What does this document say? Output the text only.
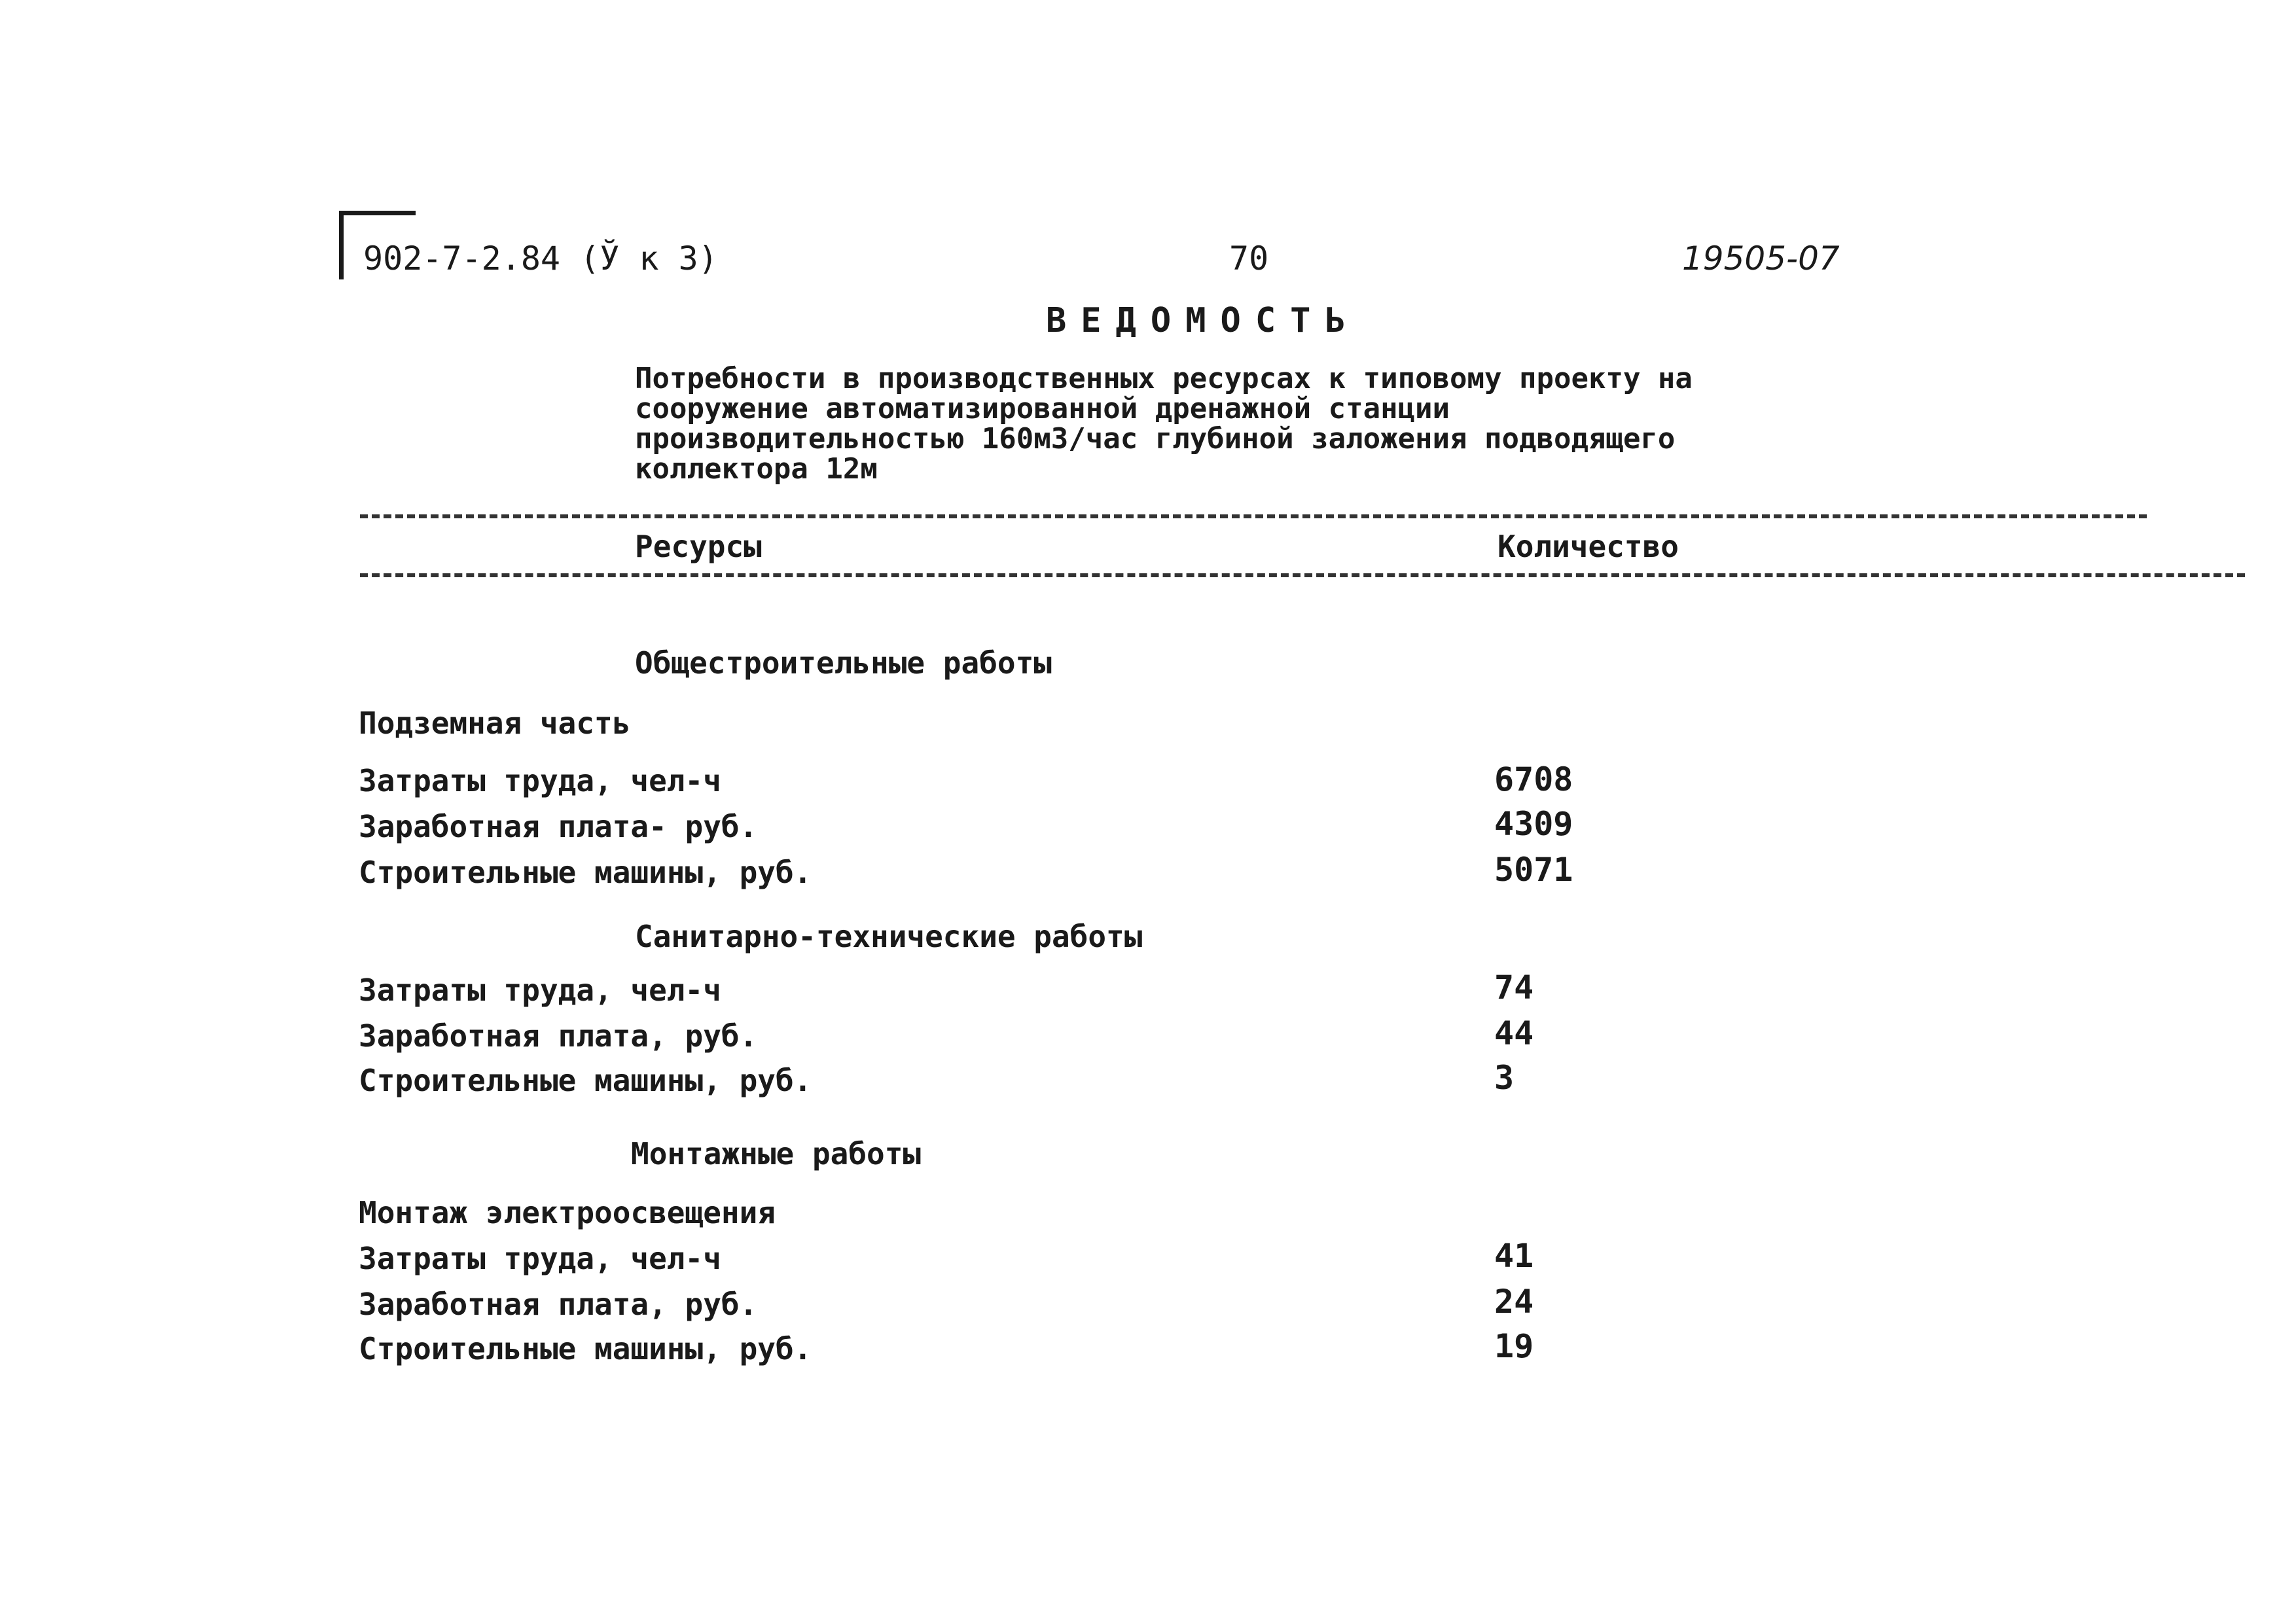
902-7-2.84 (Ў к 3)	70	19505-07
ВЕДОМОСТЬ
Потребности в производственных ресурсах к типовому проекту на
сооружение автоматизированной дренажной станции
производительностью 160м3/час глубиной заложения подводящего
коллектора 12м
Ресурсы	Количество
Общестроительные работы
Подземная часть
Затраты труда, чел-ч	6708
Заработная плата- руб.	4309
Строительные машины, руб.	5071
Санитарно-технические работы
Затраты труда, чел-ч	74
Заработная плата, руб.	44
Строительные машины, руб.	3
Монтажные работы
Монтаж электроосвещения
Затраты труда, чел-ч	41
Заработная плата, руб.	24
Строительные машины, руб.	19
